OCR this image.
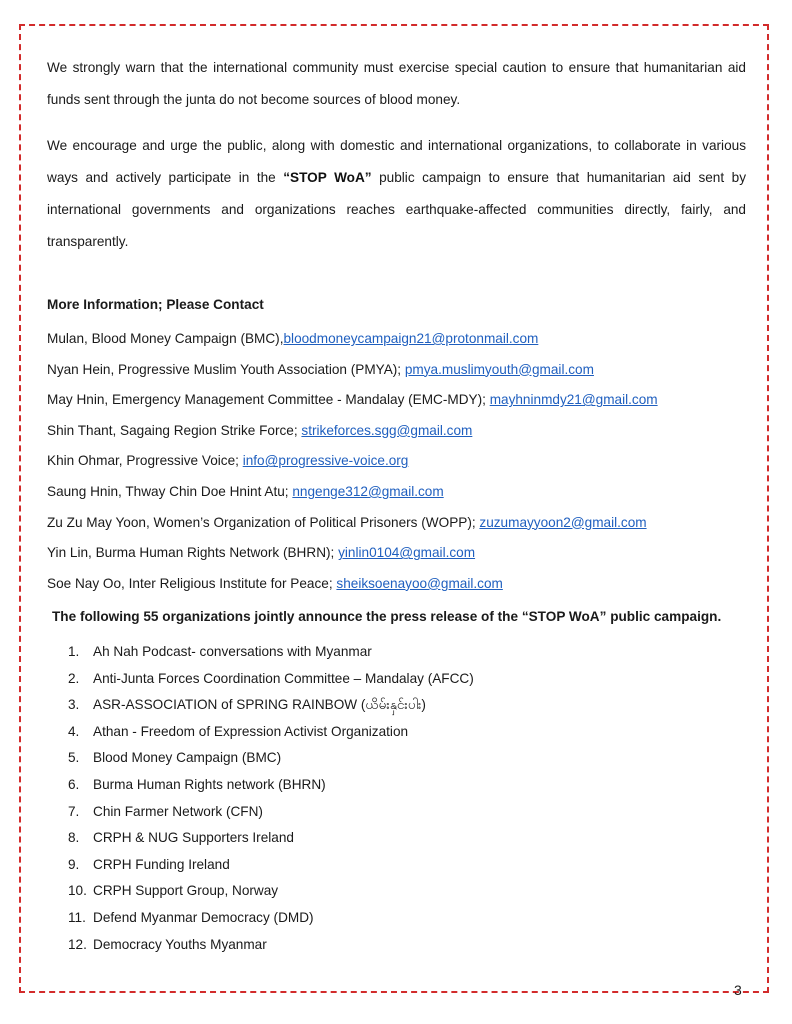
We strongly warn that the international community must exercise special caution to ensure that humanitarian aid funds sent through the junta do not become sources of blood money.

We encourage and urge the public, along with domestic and international organizations, to collaborate in various ways and actively participate in the “STOP WoA” public campaign to ensure that humanitarian aid sent by international governments and organizations reaches earthquake-affected communities directly, fairly, and transparently.

More Information; Please Contact

Mulan, Blood Money Campaign (BMC),bloodmoneycampaign21@protonmail.com
Nyan Hein, Progressive Muslim Youth Association (PMYA); pmya.muslimyouth@gmail.com
May Hnin, Emergency Management Committee - Mandalay (EMC-MDY); mayhninmdy21@gmail.com
Shin Thant, Sagaing Region Strike Force; strikeforces.sgg@gmail.com
Khin Ohmar, Progressive Voice; info@progressive-voice.org
Saung Hnin, Thway Chin Doe Hnint Atu; nngenge312@gmail.com
Zu Zu May Yoon, Women’s Organization of Political Prisoners (WOPP); zuzumayyoon2@gmail.com
Yin Lin, Burma Human Rights Network (BHRN); yinlin0104@gmail.com
Soe Nay Oo, Inter Religious Institute for Peace; sheiksoenayoo@gmail.com

The following 55 organizations jointly announce the press release of the “STOP WoA” public campaign.

1. Ah Nah Podcast- conversations with Myanmar
2. Anti-Junta Forces Coordination Committee – Mandalay (AFCC)
3. ASR-ASSOCIATION of SPRING RAINBOW (ယိမ်းနှင်းပါး)
4. Athan - Freedom of Expression Activist Organization
5. Blood Money Campaign (BMC)
6. Burma Human Rights network (BHRN)
7. Chin Farmer Network (CFN)
8. CRPH & NUG Supporters Ireland
9. CRPH Funding Ireland
10. CRPH Support Group, Norway
11. Defend Myanmar Democracy (DMD)
12. Democracy Youths Myanmar
3
